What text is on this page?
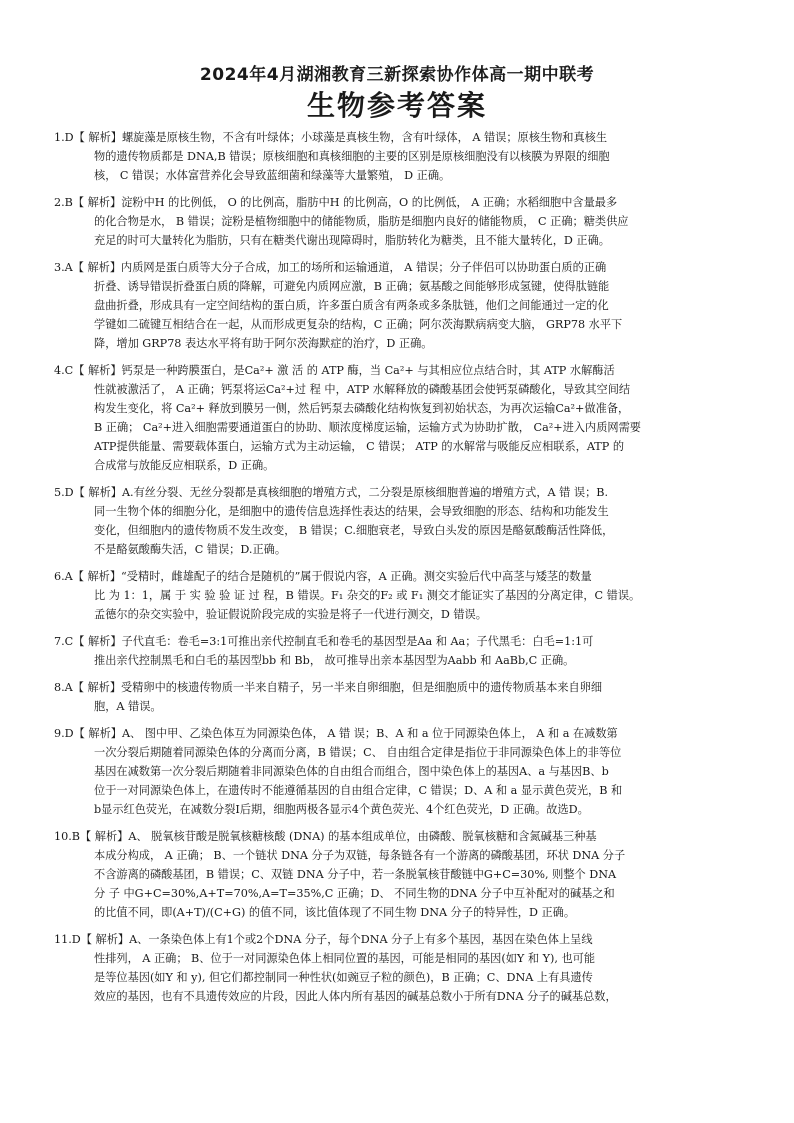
2024年4月湖湘教育三新探索协作体高一期中联考
生物参考答案
1.D【 解析】螺旋藻是原核生物，不含有叶绿体；小球藻是真核生物，含有叶绿体， A 错误；原核生物和真核生
物的遗传物质都是 DNA,B 错误；原核细胞和真核细胞的主要的区别是原核细胞没有以核膜为界限的细胞
核， C 错误；水体富营养化会导致蓝细菌和绿藻等大量繁殖， D 正确。
2.B【 解析】淀粉中H 的比例低， O 的比例高，脂肪中H 的比例高，O 的比例低， A 正确；水稻细胞中含量最多
的化合物是水， B 错误；淀粉是植物细胞中的储能物质，脂肪是细胞内良好的储能物质， C 正确；糖类供应
充足的时可大量转化为脂肪，只有在糖类代谢出现障碍时，脂肪转化为糖类，且不能大量转化，D 正确。
3.A【 解析】内质网是蛋白质等大分子合成，加工的场所和运输通道， A 错误；分子伴侣可以协助蛋白质的正确
折叠、诱导错误折叠蛋白质的降解，可避免内质网应激，B 正确；氨基酸之间能够形成氢键，使得肽链能
盘曲折叠，形成具有一定空间结构的蛋白质，许多蛋白质含有两条或多条肽链，他们之间能通过一定的化
学键如二硫键互相结合在一起，从而形成更复杂的结构，C 正确；阿尔茨海默病病变大脑， GRP78 水平下
降，增加 GRP78 表达水平将有助于阿尔茨海默症的治疗，D 正确。
4.C【 解析】钙泵是一种跨膜蛋白，是Ca²+ 激 活 的 ATP 酶，当 Ca²+ 与其相应位点结合时，其 ATP 水解酶活
性就被激活了， A 正确；钙泵将运Ca²+过 程 中，ATP 水解释放的磷酸基团会使钙泵磷酸化，导致其空间结
构发生变化，将 Ca²+ 释放到膜另一侧，然后钙泵去磷酸化结构恢复到初始状态，为再次运输Ca²+做准备，
B 正确； Ca²+进入细胞需要通道蛋白的协助、顺浓度梯度运输，运输方式为协助扩散， Ca²+进入内质网需要
ATP提供能量、需要载体蛋白，运输方式为主动运输， C 错误； ATP 的水解常与吸能反应相联系，ATP 的
合成常与放能反应相联系，D 正确。
5.D【 解析】A.有丝分裂、无丝分裂都是真核细胞的增殖方式，二分裂是原核细胞普遍的增殖方式，A 错 误；B.
同一生物个体的细胞分化，是细胞中的遗传信息选择性表达的结果，会导致细胞的形态、结构和功能发生
变化，但细胞内的遗传物质不发生改变， B 错误；C.细胞衰老，导致白头发的原因是酪氨酸酶活性降低，
不是酪氨酸酶失活，C 错误；D.正确。
6.A【 解析】“受精时，雌雄配子的结合是随机的”属于假说内容，A 正确。测交实验后代中高茎与矮茎的数量
比 为 1：1，属 于 实 验 验 证 过 程，B 错误。F₁ 杂交的F₂ 或 F₁ 测交才能证实了基因的分离定律，C 错误。
孟德尔的杂交实验中，验证假说阶段完成的实验是将子一代进行测交，D 错误。
7.C【 解析】子代直毛：卷毛=3:1可推出亲代控制直毛和卷毛的基因型是Aa 和 Aa；子代黑毛：白毛=1:1可
推出亲代控制黑毛和白毛的基因型bb 和 Bb， 故可推导出亲本基因型为Aabb 和 AaBb,C 正确。
8.A【 解析】受精卵中的核遗传物质一半来自精子，另一半来自卵细胞，但是细胞质中的遗传物质基本来自卵细
胞，A 错误。
9.D【 解析】A、 图中甲、乙染色体互为同源染色体， A 错 误；B、A 和 a 位于同源染色体上， A 和 a 在减数第
一次分裂后期随着同源染色体的分离而分离，B 错误；C、 自由组合定律是指位于非同源染色体上的非等位
基因在减数第一次分裂后期随着非同源染色体的自由组合而组合，图中染色体上的基因A、a 与基因B、b
位于一对同源染色体上，在遗传时不能遵循基因的自由组合定律，C 错误；D、A 和 a 显示黄色荧光，B 和
b显示红色荧光，在减数分裂I后期，细胞两极各显示4个黄色荧光、4个红色荧光，D 正确。故选D。
10.B【 解析】A、 脱氧核苷酸是脱氧核糖核酸 (DNA) 的基本组成单位，由磷酸、脱氧核糖和含氮碱基三种基
本成分构成， A 正确； B、一个链状 DNA 分子为双链，每条链各有一个游离的磷酸基团，环状 DNA 分子
不含游离的磷酸基团，B 错误；C、双链 DNA 分子中，若一条脱氧核苷酸链中G+C=30%, 则整个 DNA
分 子 中G+C=30%,A+T=70%,A=T=35%,C 正确；D、 不同生物的DNA 分子中互补配对的碱基之和
的比值不同，即(A+T)/(C+G) 的值不同，该比值体现了不同生物 DNA 分子的特异性，D 正确。
11.D【 解析】A、一条染色体上有1个或2个DNA 分子，每个DNA 分子上有多个基因，基因在染色体上呈线
性排列， A 正确； B、位于一对同源染色体上相同位置的基因，可能是相同的基因(如Y 和 Y), 也可能
是等位基因(如Y 和 y), 但它们都控制同一种性状(如豌豆子粒的颜色)，B 正确；C、DNA 上有具遗传
效应的基因，也有不具遗传效应的片段，因此人体内所有基因的碱基总数小于所有DNA 分子的碱基总数，
